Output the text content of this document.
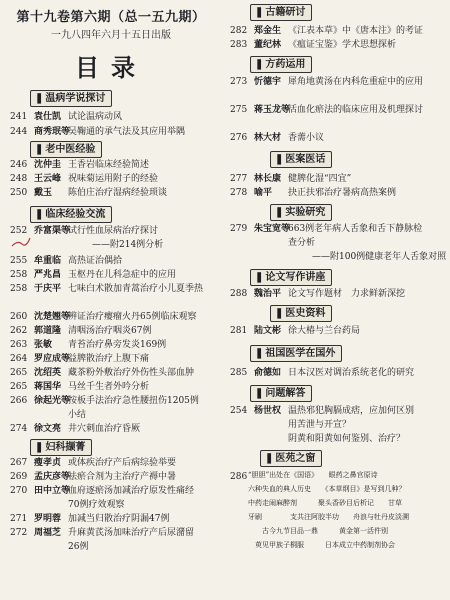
第十九卷第六期（总一五九期）
一九八四年六月十五日出版
目录
❚ 温病学说探讨
241 袁仕凯 试论温病动风
244 商秀珉等吴鞠通的承气法及其应用举隅
❚ 老中医经验
246 沈仲圭 王香岩临床经验简述
248 王云峰 祝味菊运用附子的经验
250 戴玉 陈伯庄治疗湿病经验琐谈
❚ 临床经验交流
252 乔富渠等试行性血尿病治疗探讨
——附214例分析
255 牟重临 高热证治偶拾
258 严兆昌 玉枢丹在儿科急症中的应用
258 于庆平 七味白术散加青蒿治疗小儿夏季热
260 沈楚翘等辨证治疗瘿瘤火丹65例临床观察
262 郭道隆 清咽汤治疗咽炎67例
263 张敏 青苔治疗鼻旁发炎169例
264 罗应成等益脾散治疗上腹下痛
265 沈绍英 藏茶粉外敷治疗外伤性头部血肿
265 蒋国华 马丝千生者外吟分析
266 徐起光等按板手法治疗急性腰扭伤1205例
小结
274 徐文亮 井穴刺血治疗昏厥
❚ 妇科撷菁
267 瘦孝贞 或体疾治疗产后病综验举要
269 孟庆彦等祛瘀合剂为主治疗产褥中暑
270 田中立等血府逐瘀汤加减治疗原发性痛经
70例疗效观察
271 罗明蓉 加减当归散治疗阴漏47例
272 周福芝 升麻黄芪汤加味治疗产后尿潴留
26例
❚ 古籍研讨
282 郑金生 《江表本草》中《唐本注》的考证
283 董纪林 《瘟证宝鉴》学术思想探析
❚ 方药运用
273 忻德宇 犀角地黄汤在内科危重症中的应用
275 蒋玉龙等活血化瘀法的临床应用及机理探讨
276 林大材 香薷小议
❚ 医案医话
277 林长康 健脾化湿“四宜”
278 喻平 抉正扶邪治疗暑病高热案例
❚ 实验研究
279 朱宝宽等663例老年病人舌象和舌下静脉检
查分析
——附100例健康老年人舌象对照
❚ 论文写作讲座
288 魏治平 论文写作题材　力求鲜新深挖
❚ 医史资料
281 陆文彬 徐大椿与兰台药局
❚ 祖国医学在国外
285 俞德如 日本汉医对调治系统老化的研究
❚ 问题解答
254 杨世权 温热邪犯胸膈成痞，应加何区别
用苦泄与开宣？
阴黄和阳黄如何鉴别、治疗？
❚ 医苑之窗
286 “胆胆”出处在《国语》　　眼药之鼻官原诗
六种失血的典人历史　　《本草纲目》是写到几种？
中药走闹麻醉剂　　　聚头香砂目后析记　　甘草
牙刷　　　　支共注阿胶半功　　舟浪与牡丹皮淡溯
　　古今九节目品一鼎　　　黄金第一活件别
　萸见甲族子桐服　　　日本成立中药制剂协会
